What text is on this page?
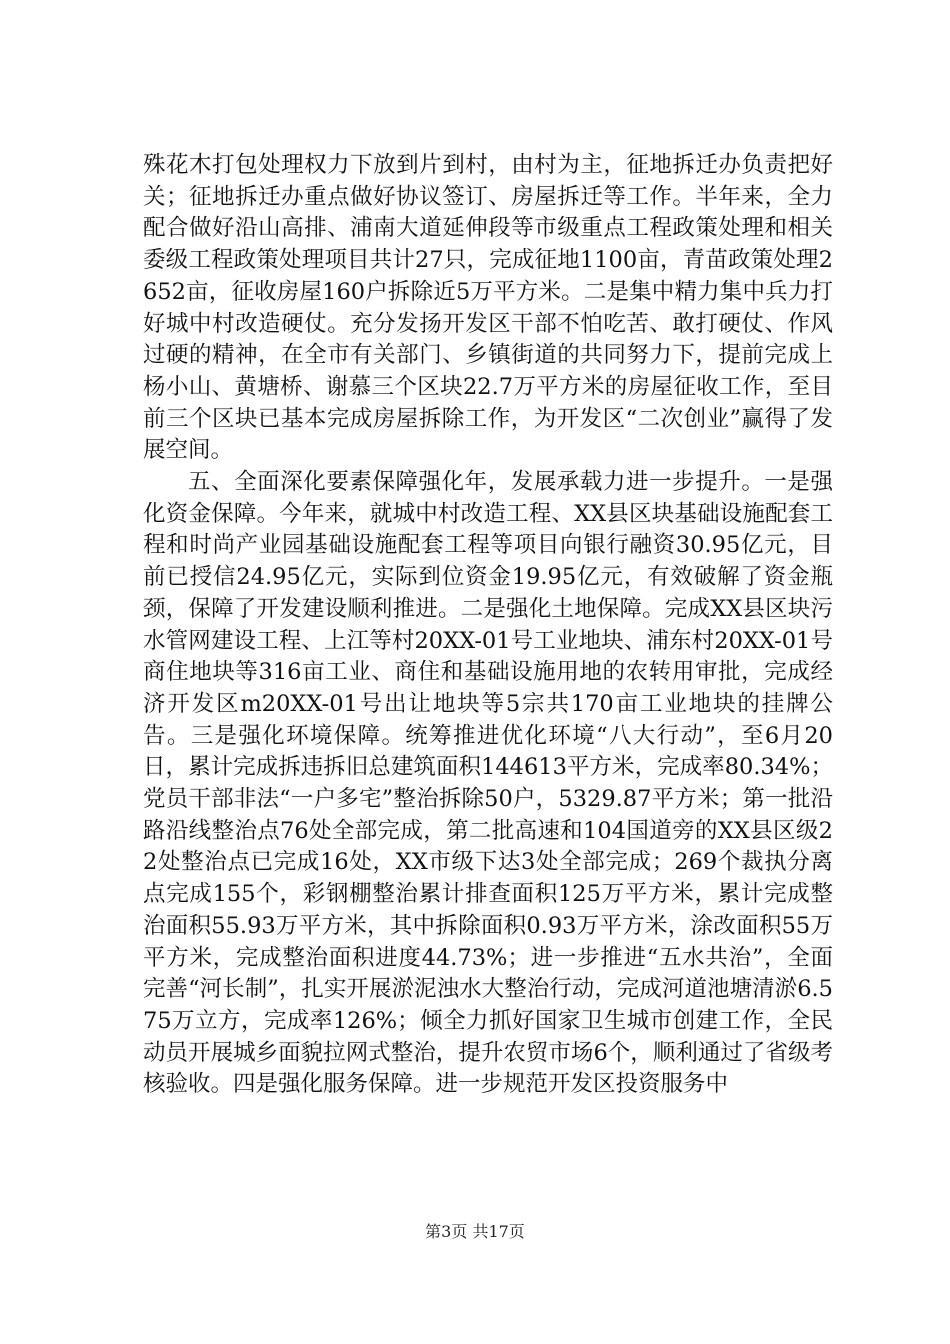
殊花木打包处理权力下放到片到村，由村为主，征地拆迁办负责把好关；征地拆迁办重点做好协议签订、房屋拆迁等工作。半年来，全力配合做好沿山高排、浦南大道延伸段等市级重点工程政策处理和相关委级工程政策处理项目共计27只，完成征地1100亩，青苗政策处理2652亩，征收房屋160户拆除近5万平方米。二是集中精力集中兵力打好城中村改造硬仗。充分发扬开发区干部不怕吃苦、敢打硬仗、作风过硬的精神，在全市有关部门、乡镇街道的共同努力下，提前完成上杨小山、黄塘桥、谢慕三个区块22.7万平方米的房屋征收工作，至目前三个区块已基本完成房屋拆除工作，为开发区“二次创业”赢得了发展空间。

五、全面深化要素保障强化年，发展承载力进一步提升。一是强化资金保障。今年来，就城中村改造工程、XX县区块基础设施配套工程和时尚产业园基础设施配套工程等项目向银行融资30.95亿元，目前已授信24.95亿元，实际到位资金19.95亿元，有效破解了资金瓶颈，保障了开发建设顺利推进。二是强化土地保障。完成XX县区块污水管网建设工程、上江等村20XX-01号工业地块、浦东村20XX-01号商住地块等316亩工业、商住和基础设施用地的农转用审批，完成经济开发区m20XX-01号出让地块等5宗共170亩工业地块的挂牌公告。三是强化环境保障。统筹推进优化环境“八大行动”，至6月20日，累计完成拆违拆旧总建筑面积144613平方米，完成率80.34%；党员干部非法“一户多宅”整治拆除50户，5329.87平方米；第一批沿路沿线整治点76处全部完成，第二批高速和104国道旁的XX县区级22处整治点已完成16处，XX市级下达3处全部完成；269个裁执分离点完成155个，彩钢棚整治累计排查面积125万平方米，累计完成整治面积55.93万平方米，其中拆除面积0.93万平方米，涂改面积55万平方米，完成整治面积进度44.73%；进一步推进“五水共治”，全面完善“河长制”，扎实开展淤泥浊水大整治行动，完成河道池塘清淤6.575万立方，完成率126%；倾全力抓好国家卫生城市创建工作，全民动员开展城乡面貌拉网式整治，提升农贸市场6个，顺利通过了省级考核验收。四是强化服务保障。进一步规范开发区投资服务中

第3页 共17页
